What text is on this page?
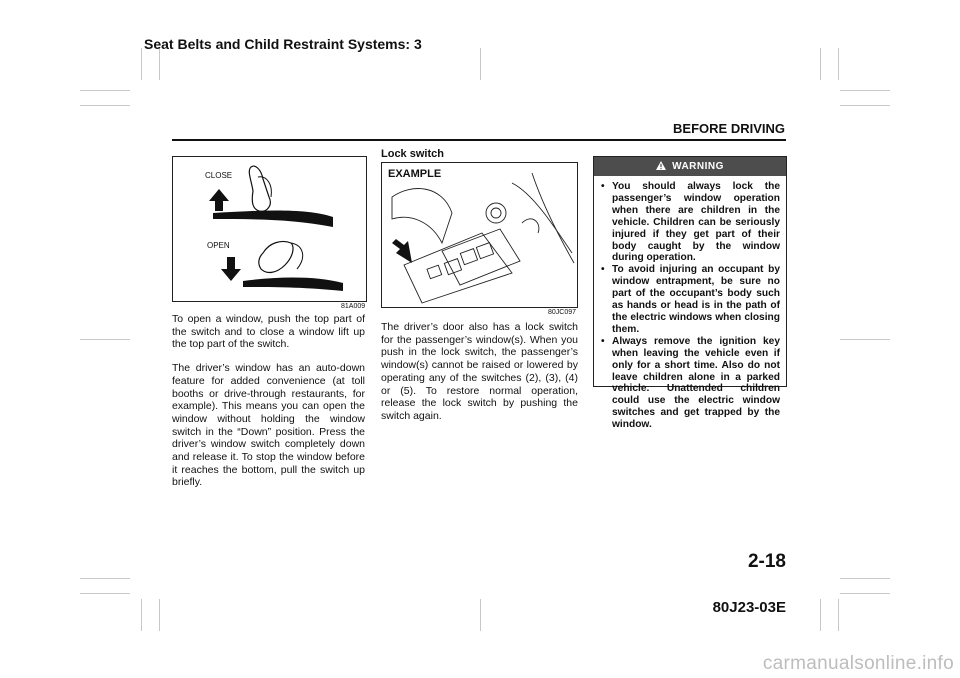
Seat Belts and Child Restraint Systems: 3
BEFORE DRIVING
CLOSE
OPEN
81A009

To open a window, push the top part of the switch and to close a window lift up the top part of the switch.

The driver’s window has an auto-down feature for added convenience (at toll booths or drive-through restaurants, for example). This means you can open the window without holding the window switch in the “Down” position. Press the driver’s window switch completely down and release it. To stop the window before it reaches the bottom, pull the switch up briefly.

Lock switch
EXAMPLE
80JC097

The driver’s door also has a lock switch for the passenger’s window(s). When you push in the lock switch, the passenger’s window(s) cannot be raised or lowered by operating any of the switches (2), (3), (4) or (5). To restore normal operation, release the lock switch by pushing the switch again.

WARNING
• You should always lock the passenger’s window operation when there are children in the vehicle. Children can be seriously injured if they get part of their body caught by the window during operation.
• To avoid injuring an occupant by window entrapment, be sure no part of the occupant’s body such as hands or head is in the path of the electric windows when closing them.
• Always remove the ignition key when leaving the vehicle even if only for a short time. Also do not leave children alone in a parked vehicle. Unattended children could use the electric window switches and get trapped by the window.
2-18
80J23-03E
carmanualsonline.info
